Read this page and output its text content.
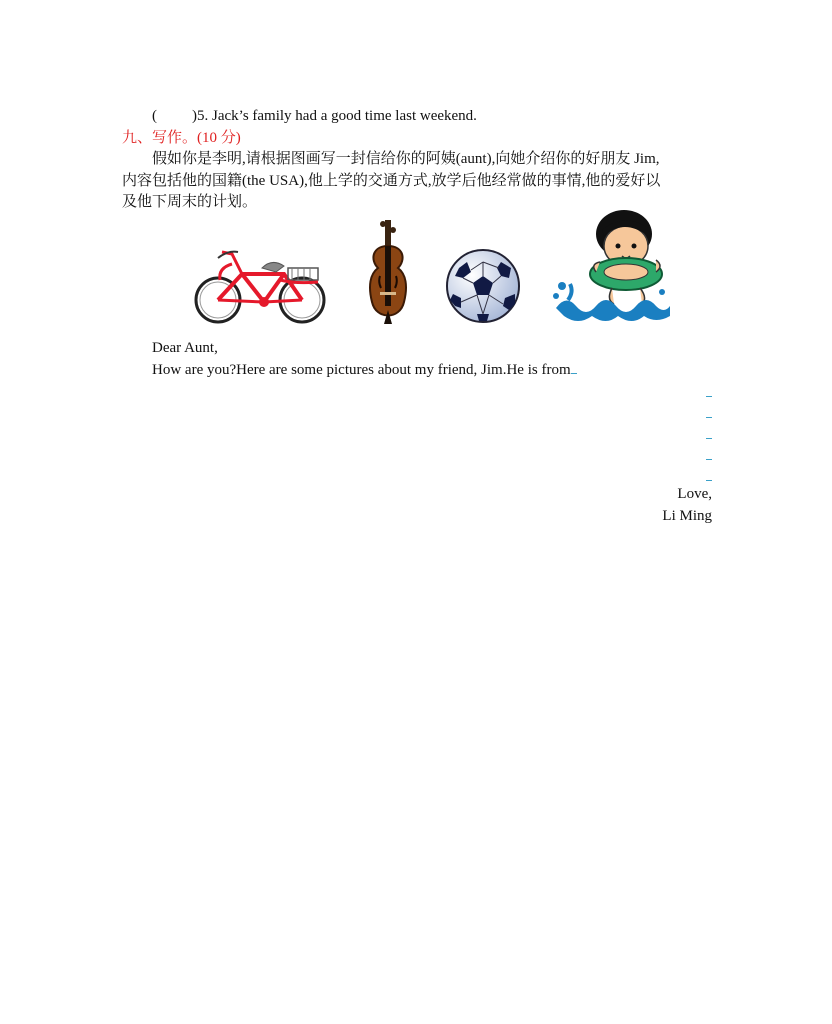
( )5. Jack’s family had a good time last weekend.
九、写作。(10 分)
假如你是李明,请根据图画写一封信给你的阿姨(aunt),向她介绍你的好朋友 Jim,
内容包括他的国籍(the USA),他上学的交通方式,放学后他经常做的事情,他的爱好以
及他下周末的计划。
Dear Aunt,
How are you?Here are some pictures about my friend, Jim.He is from
Love,
Li Ming
